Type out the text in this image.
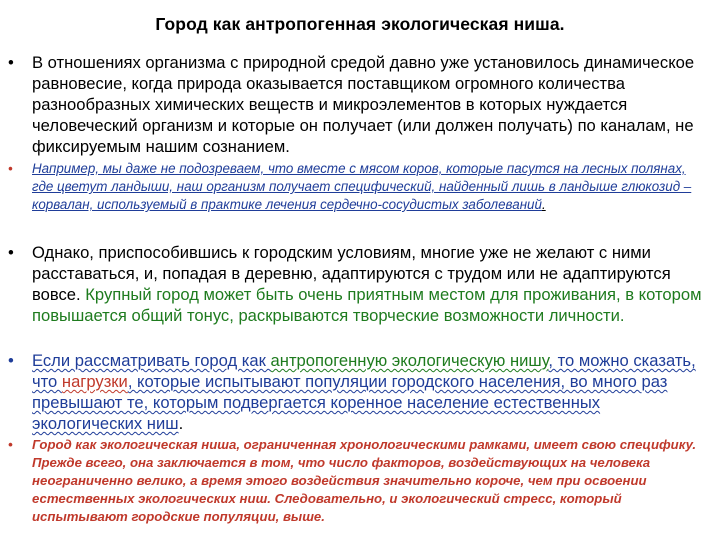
Город как антропогенная экологическая ниша.
• В отношениях организма с природной средой давно уже установилось динамическое равновесие, когда природа оказывается поставщиком огромного количества разнообразных химических веществ и микроэлементов в которых нуждается человеческий организм и которые он получает (или должен получать) по каналам, не фиксируемым нашим сознанием.
• Например, мы даже не подозреваем, что вместе с мясом коров, которые пасутся на лесных полянах, где цветут ландыши, наш организм получает специфический, найденный лишь в ландыше глюкозид – корвалан, используемый в практике лечения сердечно-сосудистых заболеваний.
• Однако, приспособившись к городским условиям, многие уже не желают с ними расставаться, и, попадая в деревню, адаптируются с трудом или не адаптируются вовсе. Крупный город может быть очень приятным местом для проживания, в котором повышается общий тонус, раскрываются творческие возможности личности.
• Если рассматривать город как антропогенную экологическую нишу, то можно сказать, что нагрузки, которые испытывают популяции городского населения, во много раз превышают те, которым подвергается коренное население естественных экологических ниш.
• Город как экологическая ниша, ограниченная хронологическими рамками, имеет свою специфику. Прежде всего, она заключается в том, что число факторов, воздействующих на человека неограниченно велико, а время этого воздействия значительно короче, чем при освоении естественных экологических ниш. Следовательно, и экологический стресс, который испытывают городские популяции, выше.
